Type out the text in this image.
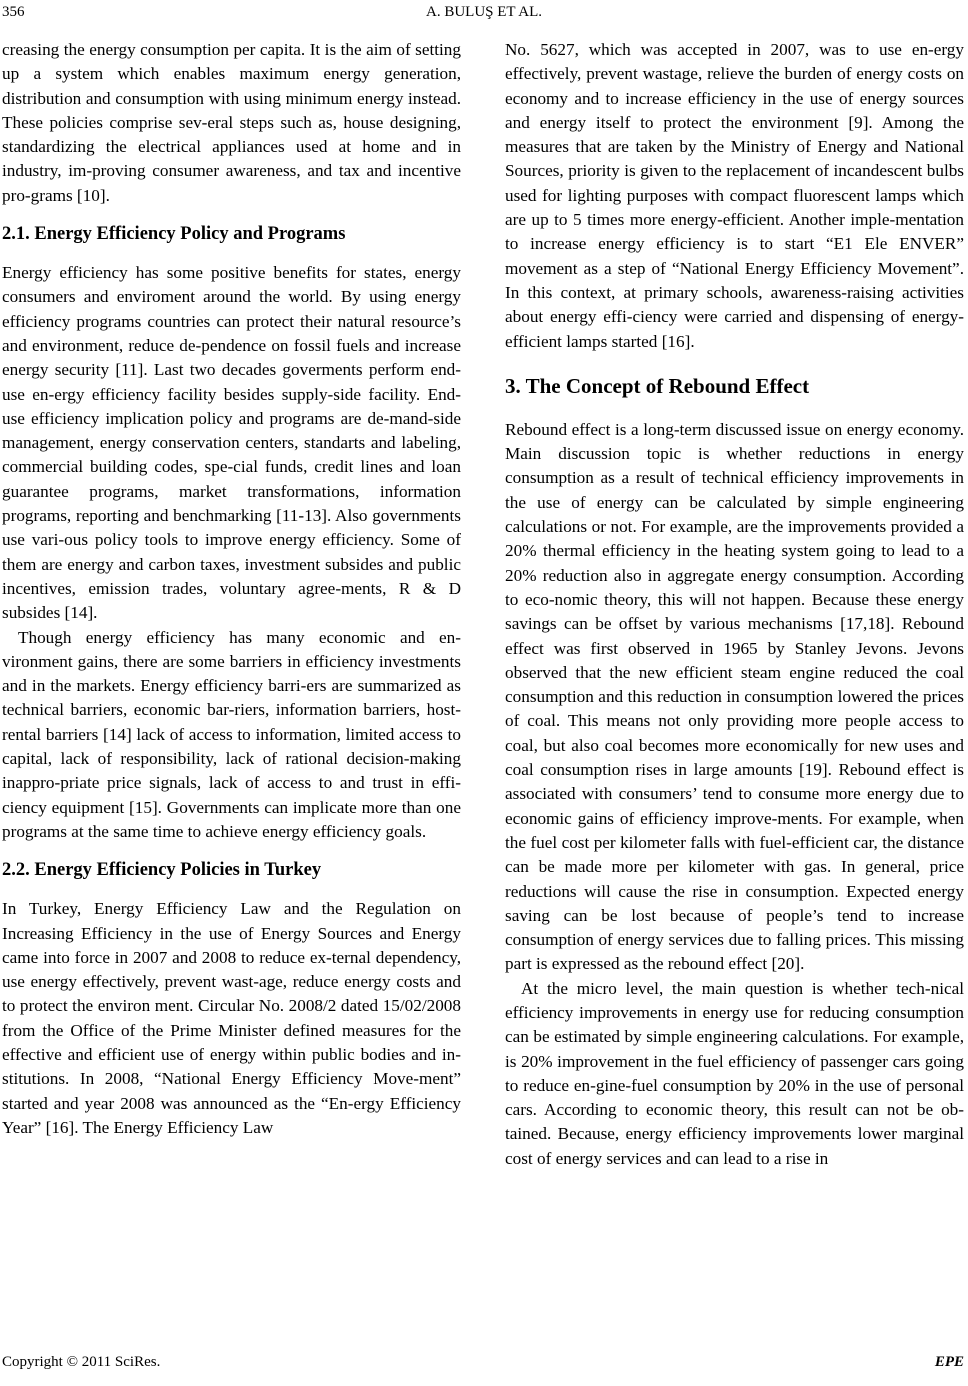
356	A. BULUŞ ET AL.

creasing the energy consumption per capita. It is the aim of setting up a system which enables maximum energy generation, distribution and consumption with using minimum energy instead. These policies comprise sev-eral steps such as, house designing, standardizing the electrical appliances used at home and in industry, im-proving consumer awareness, and tax and incentive pro-grams [10].

2.1. Energy Efficiency Policy and Programs

Energy efficiency has some positive benefits for states, energy consumers and enviroment around the world. By using energy efficiency programs countries can protect their natural resource’s and environment, reduce de-pendence on fossil fuels and increase energy security [11]. Last two decades goverments perform end-use en-ergy efficiency facility besides supply-side facility. End-use efficiency implication policy and programs are de-mand-side management, energy conservation centers, standarts and labeling, commercial building codes, spe-cial funds, credit lines and loan guarantee programs, market transformations, information programs, reporting and benchmarking [11-13]. Also governments use vari-ous policy tools to improve energy efficiency. Some of them are energy and carbon taxes, investment subsides and public incentives, emission trades, voluntary agree-ments, R & D subsides [14].

Though energy efficiency has many economic and en-vironment gains, there are some barriers in efficiency investments and in the markets. Energy efficiency barri-ers are summarized as technical barriers, economic bar-riers, information barriers, host-rental barriers [14] lack of access to information, limited access to capital, lack of responsibility, lack of rational decision-making inappro-priate price signals, lack of access to and trust in effi-ciency equipment [15]. Governments can implicate more than one programs at the same time to achieve energy efficiency goals.

2.2. Energy Efficiency Policies in Turkey

In Turkey, Energy Efficiency Law and the Regulation on Increasing Efficiency in the use of Energy Sources and Energy came into force in 2007 and 2008 to reduce ex-ternal dependency, use energy effectively, prevent wast-age, reduce energy costs and to protect the environ ment. Circular No. 2008/2 dated 15/02/2008 from the Office of the Prime Minister defined measures for the effective and efficient use of energy within public bodies and in-stitutions. In 2008, “National Energy Efficiency Move-ment” started and year 2008 was announced as the “En-ergy Efficiency Year” [16]. The Energy Efficiency Law

No. 5627, which was accepted in 2007, was to use en-ergy effectively, prevent wastage, relieve the burden of energy costs on economy and to increase efficiency in the use of energy sources and energy itself to protect the environment [9]. Among the measures that are taken by the Ministry of Energy and National Sources, priority is given to the replacement of incandescent bulbs used for lighting purposes with compact fluorescent lamps which are up to 5 times more energy-efficient. Another imple-mentation to increase energy efficiency is to start “E1 Ele ENVER” movement as a step of “National Energy Efficiency Movement”. In this context, at primary schools, awareness-raising activities about energy effi-ciency were carried and dispensing of energy-efficient lamps started [16].

3. The Concept of Rebound Effect

Rebound effect is a long-term discussed issue on energy economy. Main discussion topic is whether reductions in energy consumption as a result of technical efficiency improvements in the use of energy can be calculated by simple engineering calculations or not. For example, are the improvements provided a 20% thermal efficiency in the heating system going to lead to a 20% reduction also in aggregate energy consumption. According to eco-nomic theory, this will not happen. Because these energy savings can be offset by various mechanisms [17,18]. Rebound effect was first observed in 1965 by Stanley Jevons. Jevons observed that the new efficient steam engine reduced the coal consumption and this reduction in consumption lowered the prices of coal. This means not only providing more people access to coal, but also coal becomes more economically for new uses and coal consumption rises in large amounts [19]. Rebound effect is associated with consumers’ tend to consume more energy due to economic gains of efficiency improve-ments. For example, when the fuel cost per kilometer falls with fuel-efficient car, the distance can be made more per kilometer with gas. In general, price reductions will cause the rise in consumption. Expected energy saving can be lost because of people’s tend to increase consumption of energy services due to falling prices. This missing part is expressed as the rebound effect [20].

At the micro level, the main question is whether tech-nical efficiency improvements in energy use for reducing consumption can be estimated by simple engineering calculations. For example, is 20% improvement in the fuel efficiency of passenger cars going to reduce en-gine-fuel consumption by 20% in the use of personal cars. According to economic theory, this result can not be ob-tained. Because, energy efficiency improvements lower marginal cost of energy services and can lead to a rise in

Copyright © 2011 SciRes.	EPE
